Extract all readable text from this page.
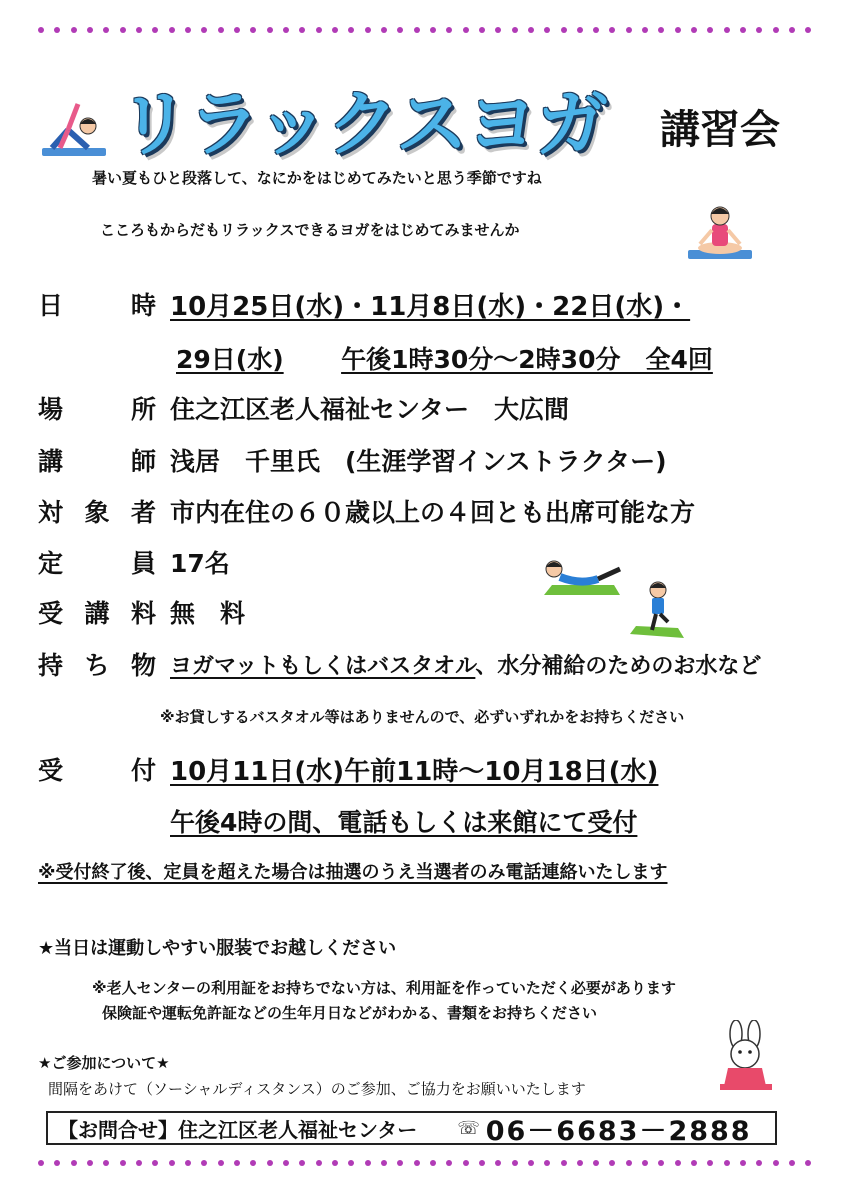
リラックスヨガ 講習会
暑い夏もひと段落して、なにかをはじめてみたいと思う季節ですね
こころもからだもリラックスできるヨガをはじめてみませんか
日	時 10月25日(水)・11月8日(水)・22日(水)・
29日(水) 午後1時30分～2時30分　全4回
場	所 住之江区老人福祉センター　大広間
講	師 浅居　千里氏　(生涯学習インストラクター)
対 象 者 市内在住の６０歳以上の４回とも出席可能な方
定	員 17名
受 講 料 無　料
持 ち 物 ヨガマットもしくはバスタオル、水分補給のためのお水など
※お貸しするバスタオル等はありませんので、必ずいずれかをお持ちください
受	付 10月11日(水)午前11時～10月18日(水)
午後4時の間、電話もしくは来館にて受付
※受付終了後、定員を超えた場合は抽選のうえ当選者のみ電話連絡いたします
★当日は運動しやすい服装でお越しください
※老人センターの利用証をお持ちでない方は、利用証を作っていただく必要があります
保険証や運転免許証などの生年月日などがわかる、書類をお持ちください
★ご参加について★
間隔をあけて（ソーシャルディスタンス）のご参加、ご協力をお願いいたします
【お問合せ】住之江区老人福祉センター ☏ 06－6683－2888
